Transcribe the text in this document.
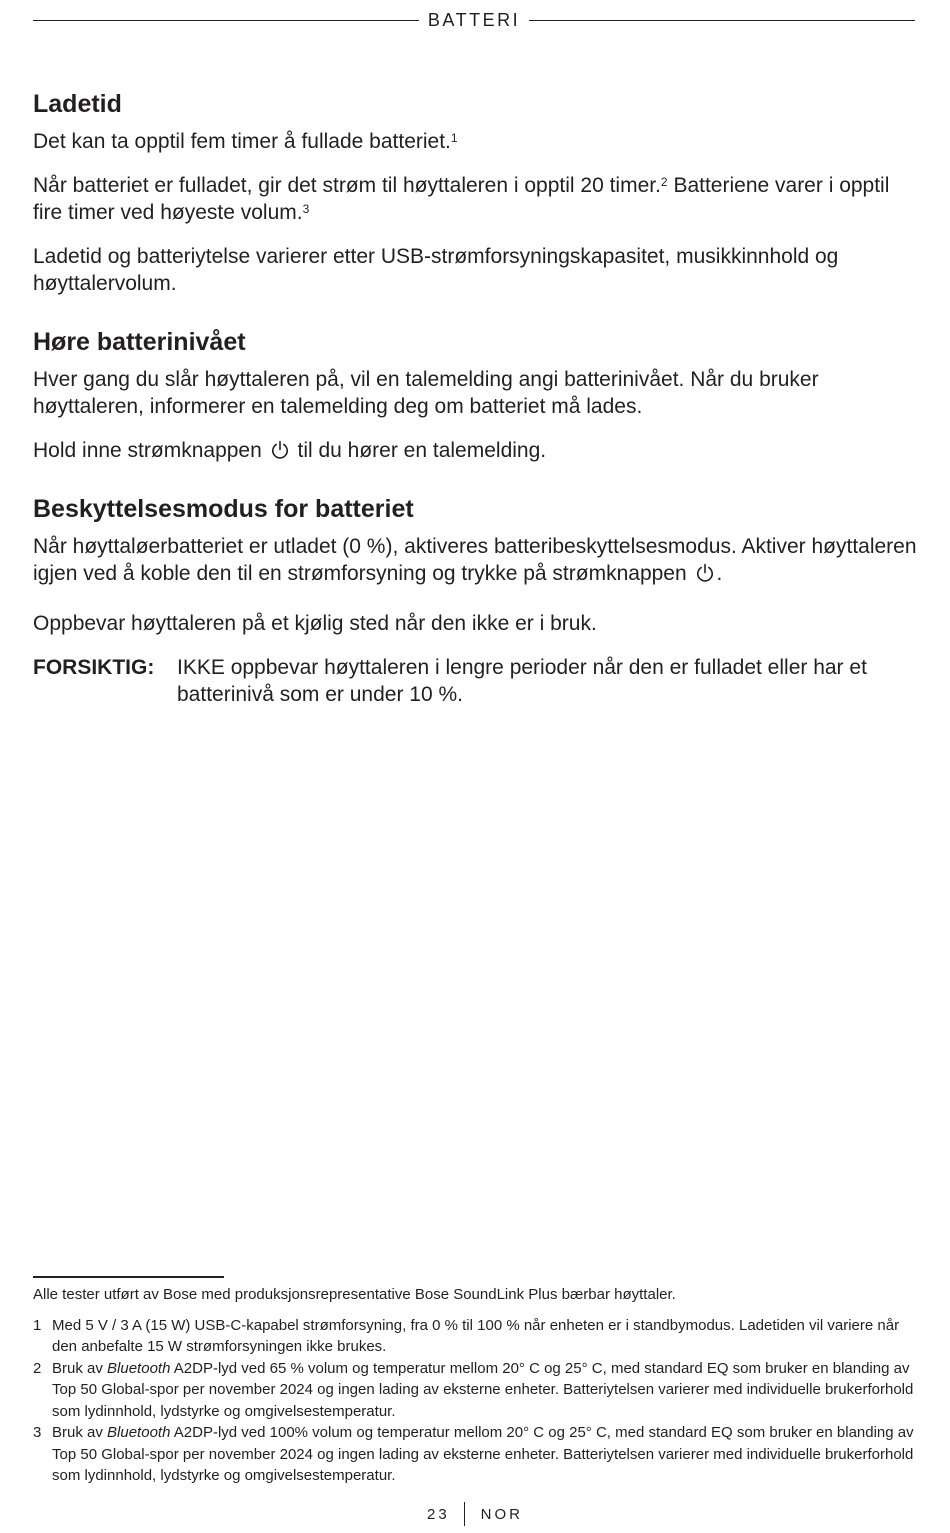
BATTERI
Ladetid

Det kan ta opptil fem timer å fullade batteriet.$^1$

Når batteriet er fulladet, gir det strøm til høyttaleren i opptil 20 timer.$^2$ Batteriene varer i opptil fire timer ved høyeste volum.$^3$

Ladetid og batteriytelse varierer etter USB-strømforsyningskapasitet, musikkinnhold og høyttalervolum.

Høre batterinivået

Hver gang du slår høyttaleren på, vil en talemelding angi batterinivået. Når du bruker høyttaleren, informerer en talemelding deg om batteriet må lades.

Hold inne strømknappen til du hører en talemelding.

Beskyttelsesmodus for batteriet

Når høyttaløerbatteriet er utladet (0 %), aktiveres batteribeskyttelsesmodus. Aktiver høyttaleren igjen ved å koble den til en strømforsyning og trykke på strømknappen .

Oppbevar høyttaleren på et kjølig sted når den ikke er i bruk.

FORSIKTIG:	IKKE oppbevar høyttaleren i lengre perioder når den er fulladet eller har et batterinivå som er under 10 %.
Alle tester utført av Bose med produksjonsrepresentative Bose SoundLink Plus bærbar høyttaler.
1 Med 5 V / 3 A (15 W) USB-C-kapabel strømforsyning, fra 0 % til 100 % når enheten er i standbymodus. Ladetiden vil variere når den anbefalte 15 W strømforsyningen ikke brukes.
2 Bruk av Bluetooth A2DP-lyd ved 65 % volum og temperatur mellom 20° C og 25° C, med standard EQ som bruker en blanding av Top 50 Global-spor per november 2024 og ingen lading av eksterne enheter. Batteriytelsen varierer med individuelle brukerforhold som lydinnhold, lydstyrke og omgivelsestemperatur.
3 Bruk av Bluetooth A2DP-lyd ved 100% volum og temperatur mellom 20° C og 25° C, med standard EQ som bruker en blanding av Top 50 Global-spor per november 2024 og ingen lading av eksterne enheter. Batteriytelsen varierer med individuelle brukerforhold som lydinnhold, lydstyrke og omgivelsestemperatur.
23 NOR
